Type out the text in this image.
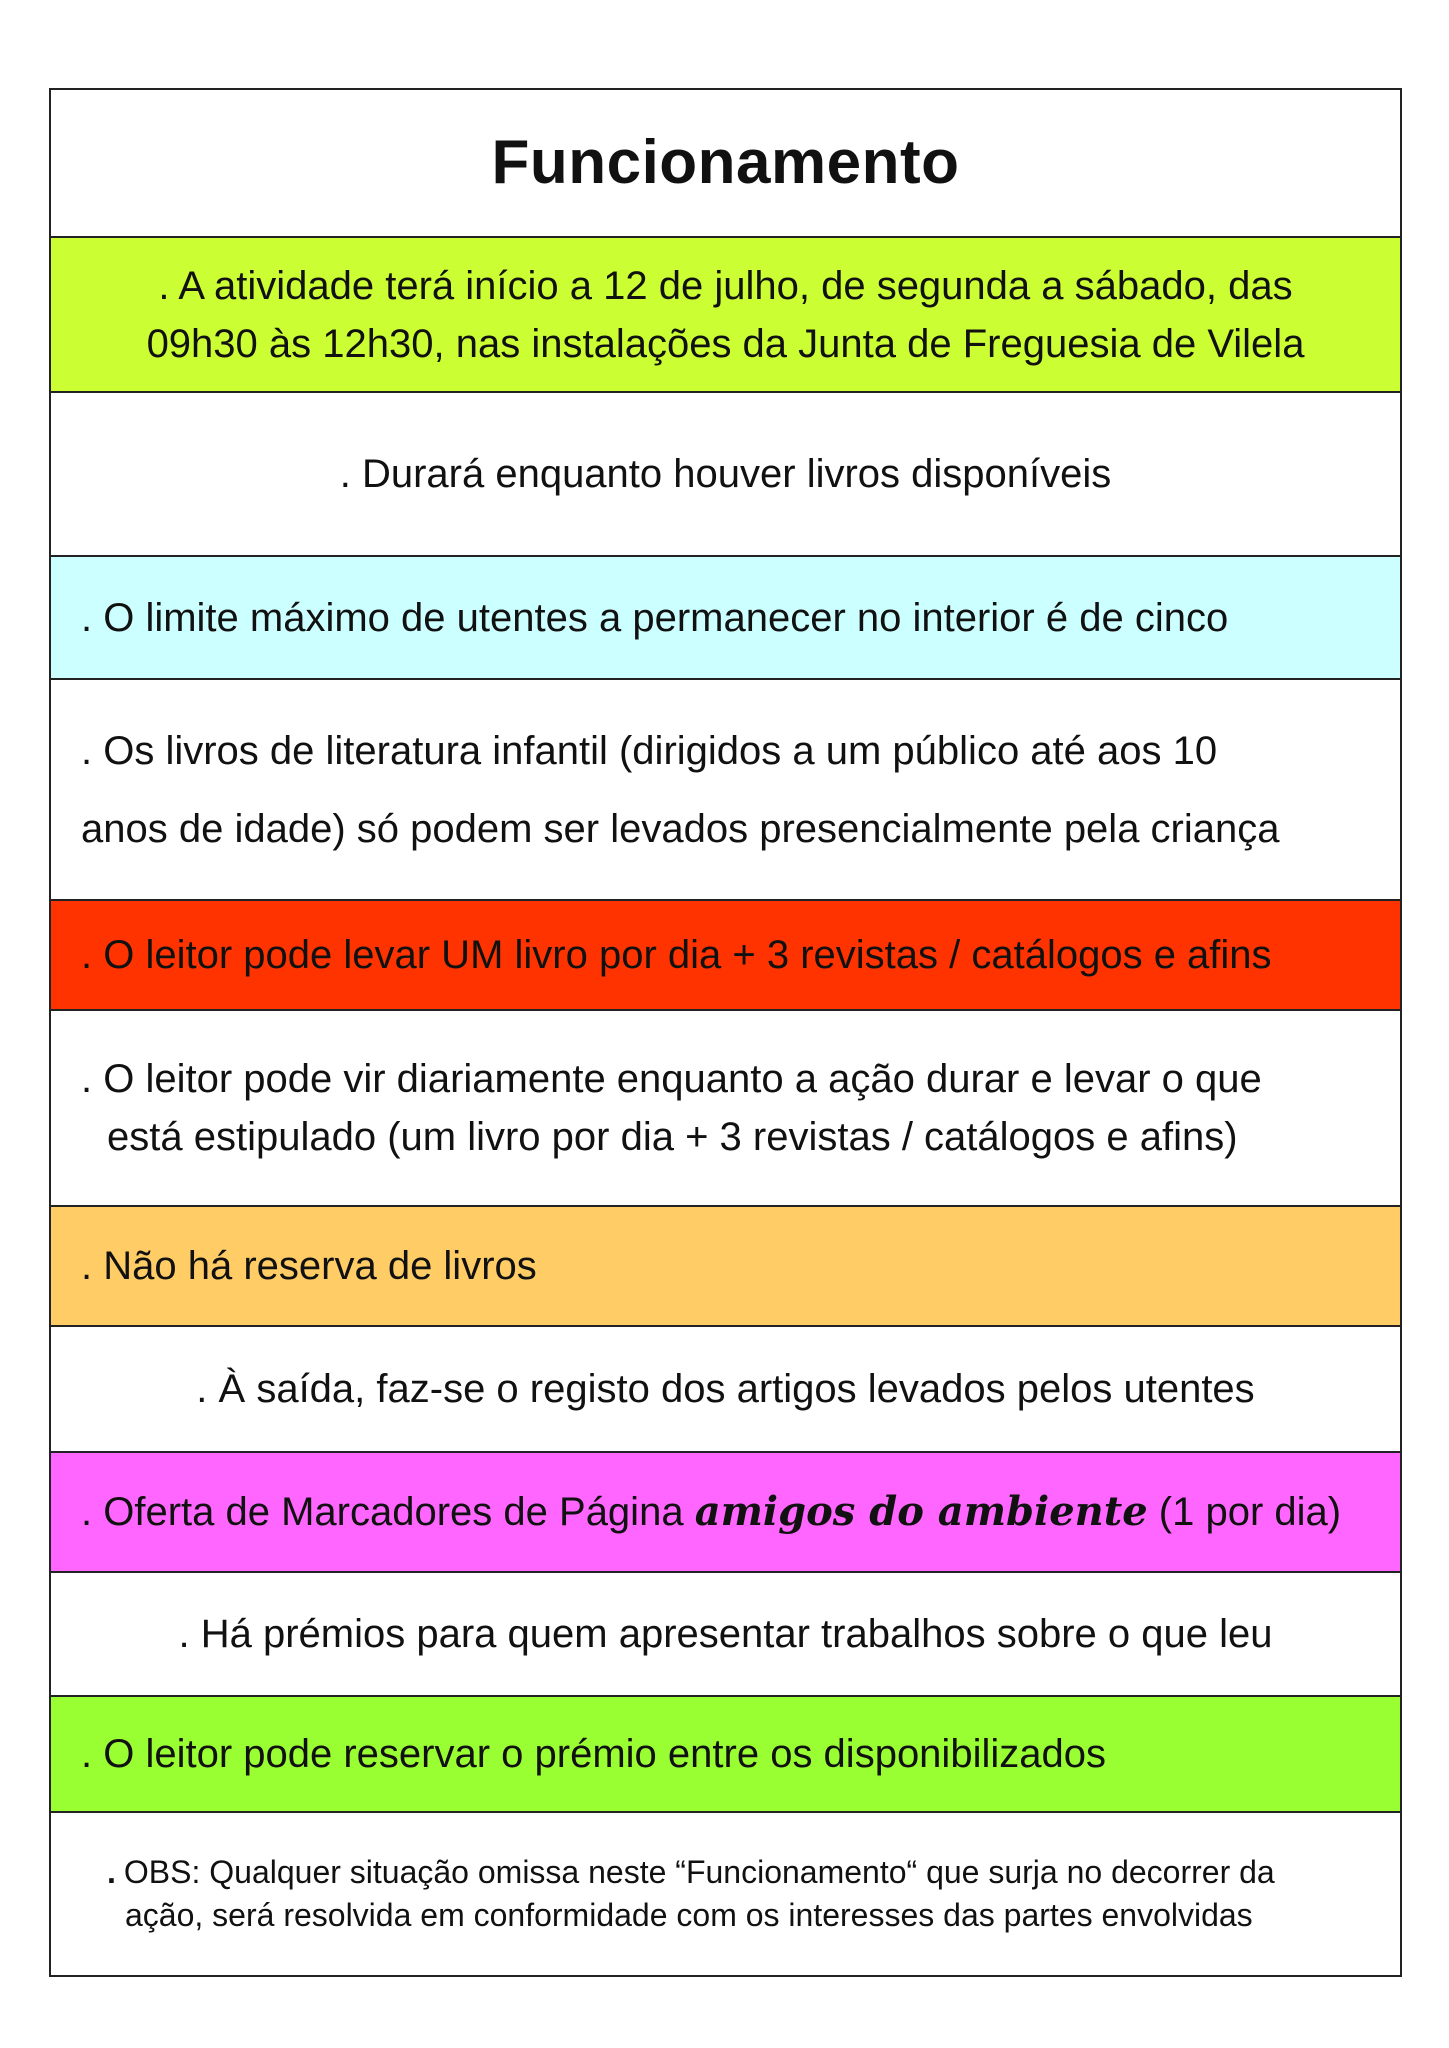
Funcionamento
. A atividade terá início a 12 de julho, de segunda a sábado, das
09h30 às 12h30, nas instalações da Junta de Freguesia de Vilela
. Durará enquanto houver livros disponíveis
. O limite máximo de utentes a permanecer no interior é de cinco
. Os livros de literatura infantil (dirigidos a um público até aos 10
anos de idade) só podem ser levados presencialmente pela criança
. O leitor pode levar UM livro por dia + 3 revistas / catálogos e afins
. O leitor pode vir diariamente enquanto a ação durar e levar o que
está estipulado (um livro por dia + 3 revistas / catálogos e afins)
. Não há reserva de livros
. À saída, faz-se o registo dos artigos levados pelos utentes
. Oferta de Marcadores de Página amigos do ambiente (1 por dia)
. Há prémios para quem apresentar trabalhos sobre o que leu
. O leitor pode reservar o prémio entre os disponibilizados
. OBS: Qualquer situação omissa neste “Funcionamento“ que surja no decorrer da
ação, será resolvida em conformidade com os interesses das partes envolvidas
